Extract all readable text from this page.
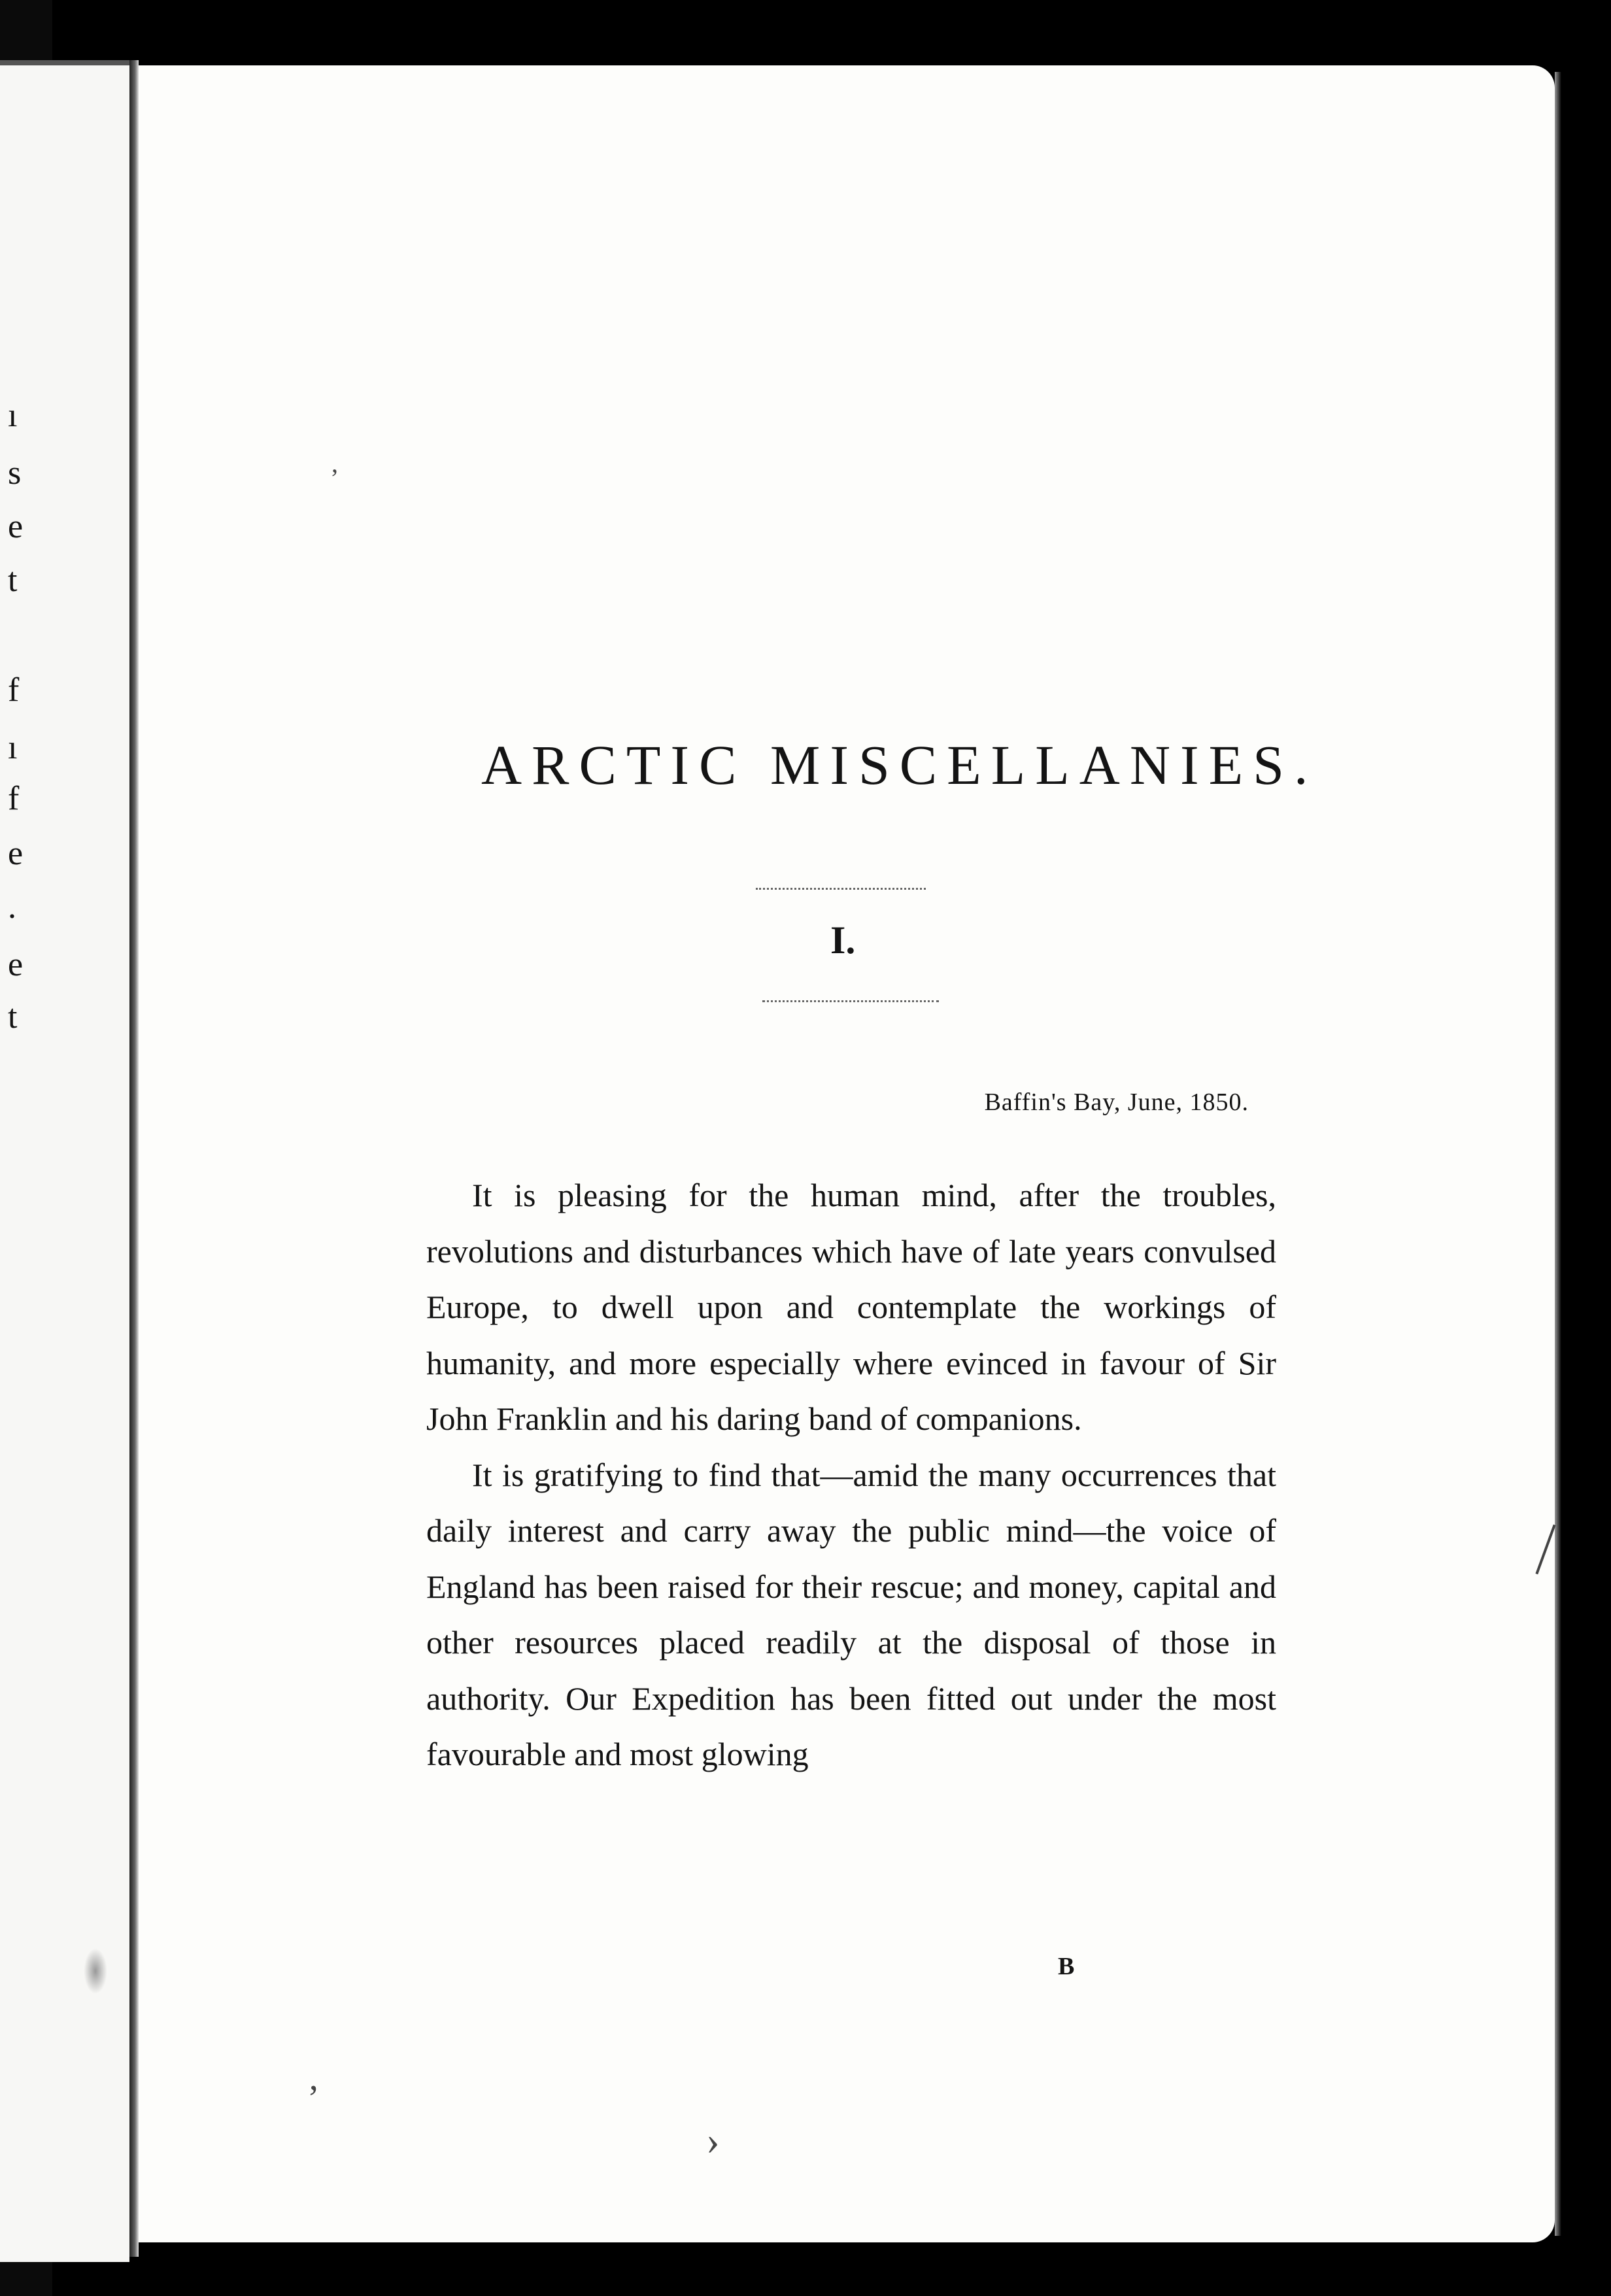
ı
s
e
t
f
ı
f
e
.
e
t
ʼ
’
›
ARCTIC MISCELLANIES.
I.
Baffin's Bay, June, 1850.

It is pleasing for the human mind, after the troubles, revolutions and disturbances which have of late years convulsed Europe, to dwell upon and contemplate the workings of humanity, and more especially where evinced in favour of Sir John Franklin and his daring band of companions.

It is gratifying to find that—amid the many occurrences that daily interest and carry away the public mind—the voice of England has been raised for their rescue; and money, capital and other resources placed readily at the disposal of those in authority. Our Expedition has been fitted out under the most favourable and most glowing

B
